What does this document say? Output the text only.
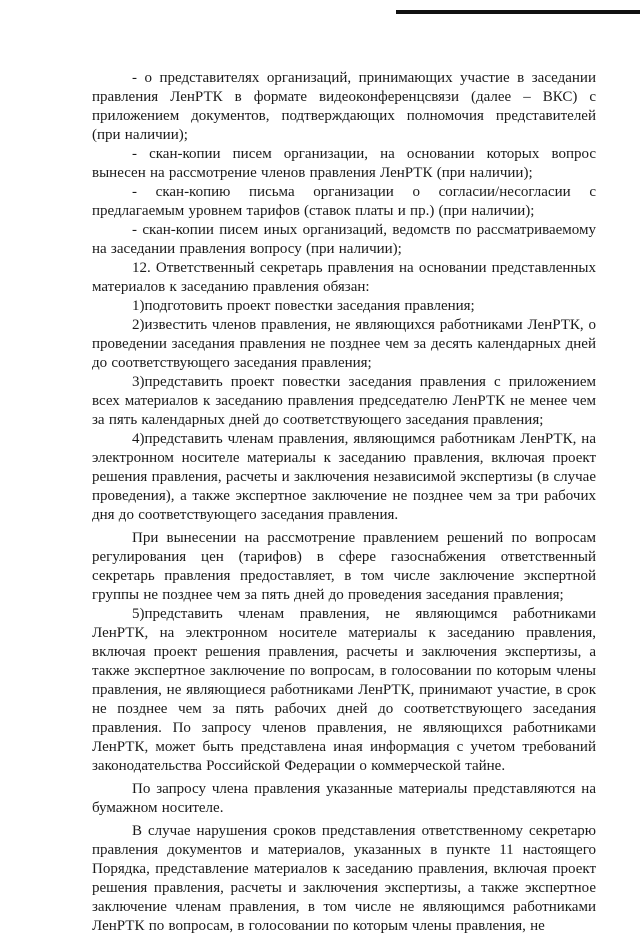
- о представителях организаций, принимающих участие в заседании правления ЛенРТК в формате видеоконференцсвязи (далее – ВКС) с приложением документов, подтверждающих полномочия представителей (при наличии);

- скан-копии писем организации, на основании которых вопрос вынесен на рассмотрение членов правления ЛенРТК (при наличии);

- скан-копию письма организации о согласии/несогласии с предлагаемым уровнем тарифов (ставок платы и пр.) (при наличии);

- скан-копии писем иных организаций, ведомств по рассматриваемому на заседании правления вопросу (при наличии);

12. Ответственный секретарь правления на основании представленных материалов к заседанию правления обязан:

1)подготовить проект повестки заседания правления;

2)известить членов правления, не являющихся работниками ЛенРТК, о проведении заседания правления не позднее чем за десять календарных дней до соответствующего заседания правления;

3)представить проект повестки заседания правления с приложением всех материалов к заседанию правления председателю ЛенРТК не менее чем за пять календарных дней до соответствующего заседания правления;

4)представить членам правления, являющимся работникам ЛенРТК, на электронном носителе материалы к заседанию правления, включая проект решения правления, расчеты и заключения независимой экспертизы (в случае проведения), а также экспертное заключение не позднее чем за три рабочих дня до соответствующего заседания правления.

При вынесении на рассмотрение правлением решений по вопросам регулирования цен (тарифов) в сфере газоснабжения ответственный секретарь правления предоставляет, в том числе заключение экспертной группы не позднее чем за пять дней до проведения заседания правления;

5)представить членам правления, не являющимся работниками ЛенРТК, на электронном носителе материалы к заседанию правления, включая проект решения правления, расчеты и заключения экспертизы, а также экспертное заключение по вопросам, в голосовании по которым члены правления, не являющиеся работниками ЛенРТК, принимают участие, в срок не позднее чем за пять рабочих дней до соответствующего заседания правления. По запросу членов правления, не являющихся работниками ЛенРТК, может быть представлена иная информация с учетом требований законодательства Российской Федерации о коммерческой тайне.

По запросу члена правления указанные материалы представляются на бумажном носителе.

В случае нарушения сроков представления ответственному секретарю правления документов и материалов, указанных в пункте 11 настоящего Порядка, представление материалов к заседанию правления, включая проект решения правления, расчеты и заключения экспертизы, а также экспертное заключение членам правления, в том числе не являющимся работниками ЛенРТК по вопросам, в голосовании по которым члены правления, не
